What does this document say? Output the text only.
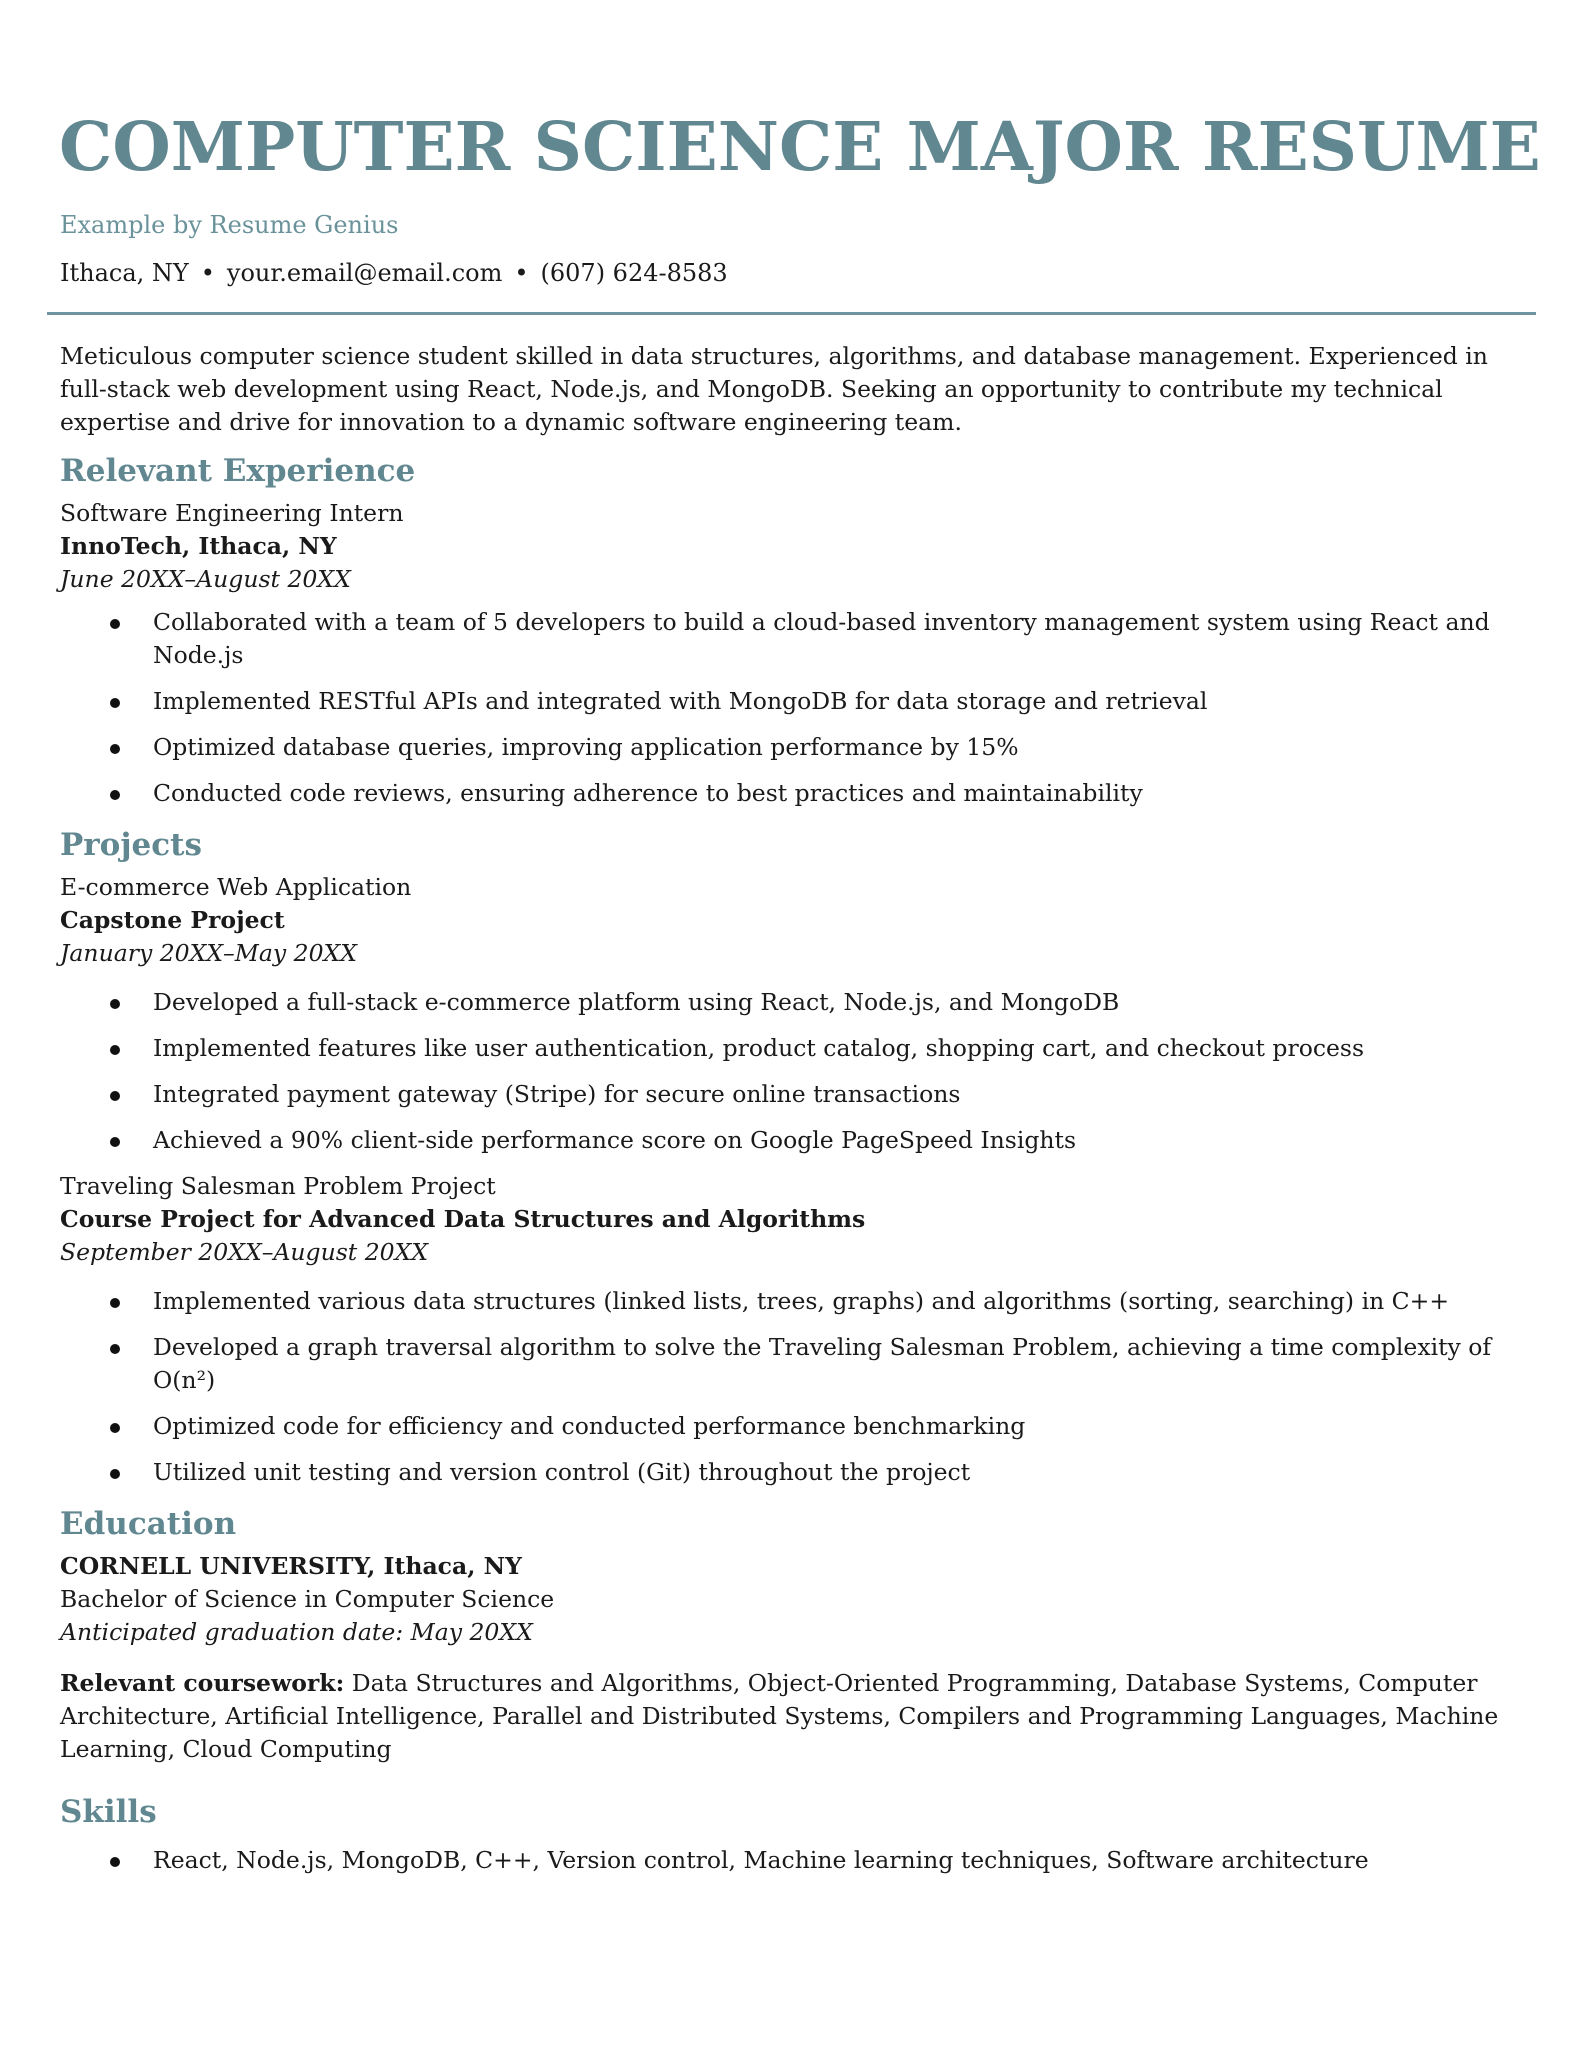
COMPUTER SCIENCE MAJOR RESUME
Example by Resume Genius
Ithaca, NY • your.email@email.com • (607) 624-8583

Meticulous computer science student skilled in data structures, algorithms, and database management. Experienced in full-stack web development using React, Node.js, and MongoDB. Seeking an opportunity to contribute my technical expertise and drive for innovation to a dynamic software engineering team.

Relevant Experience

Software Engineering Intern

InnoTech, Ithaca, NY

June 20XX–August 20XX

Collaborated with a team of 5 developers to build a cloud-based inventory management system using React and Node.js
Implemented RESTful APIs and integrated with MongoDB for data storage and retrieval
Optimized database queries, improving application performance by 15%
Conducted code reviews, ensuring adherence to best practices and maintainability
Projects

E-commerce Web Application

Capstone Project

January 20XX–May 20XX

Developed a full-stack e-commerce platform using React, Node.js, and MongoDB
Implemented features like user authentication, product catalog, shopping cart, and checkout process
Integrated payment gateway (Stripe) for secure online transactions
Achieved a 90% client-side performance score on Google PageSpeed Insights

Traveling Salesman Problem Project

Course Project for Advanced Data Structures and Algorithms

September 20XX–August 20XX

Implemented various data structures (linked lists, trees, graphs) and algorithms (sorting, searching) in C++
Developed a graph traversal algorithm to solve the Traveling Salesman Problem, achieving a time complexity of O(n²)
Optimized code for efficiency and conducted performance benchmarking
Utilized unit testing and version control (Git) throughout the project
Education

CORNELL UNIVERSITY, Ithaca, NY

Bachelor of Science in Computer Science

Anticipated graduation date: May 20XX

Relevant coursework: Data Structures and Algorithms, Object-Oriented Programming, Database Systems, Computer Architecture, Artificial Intelligence, Parallel and Distributed Systems, Compilers and Programming Languages, Machine Learning, Cloud Computing

Skills
React, Node.js, MongoDB, C++, Version control, Machine learning techniques, Software architecture
